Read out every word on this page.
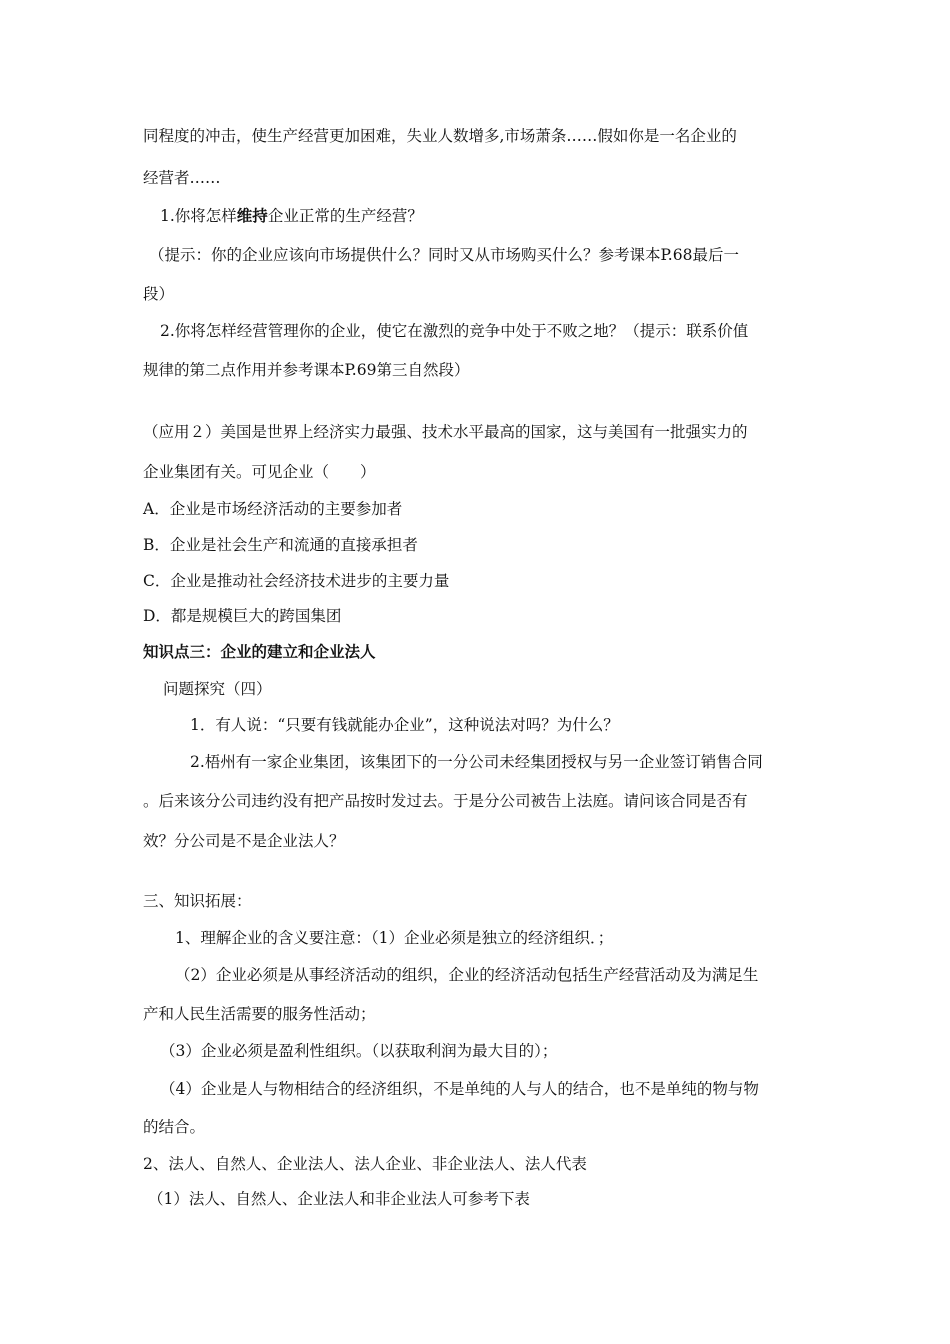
同程度的冲击，使生产经营更加困难，失业人数增多,市场萧条……假如你是一名企业的
经营者……
1.你将怎样维持企业正常的生产经营？
（提示：你的企业应该向市场提供什么？同时又从市场购买什么？参考课本P.68最后一
段）
2.你将怎样经营管理你的企业，使它在激烈的竞争中处于不败之地？（提示：联系价值
规律的第二点作用并参考课本P.69第三自然段）
（应用２）美国是世界上经济实力最强、技术水平最高的国家，这与美国有一批强实力的
企业集团有关。可见企业（　　）
A．企业是市场经济活动的主要参加者
B．企业是社会生产和流通的直接承担者
C．企业是推动社会经济技术进步的主要力量
D．都是规模巨大的跨国集团
知识点三：企业的建立和企业法人
问题探究（四）
1．有人说：“只要有钱就能办企业”，这种说法对吗？为什么？
2.梧州有一家企业集团，该集团下的一分公司未经集团授权与另一企业签订销售合同
。后来该分公司违约没有把产品按时发过去。于是分公司被告上法庭。请问该合同是否有
效？分公司是不是企业法人？
三、知识拓展：
1、理解企业的含义要注意：（1）企业必须是独立的经济组织．；
（2）企业必须是从事经济活动的组织，企业的经济活动包括生产经营活动及为满足生
产和人民生活需要的服务性活动；
（3）企业必须是盈利性组织。（以获取利润为最大目的）；
（4）企业是人与物相结合的经济组织，不是单纯的人与人的结合，也不是单纯的物与物
的结合。
2、法人、自然人、企业法人、法人企业、非企业法人、法人代表
（1）法人、自然人、企业法人和非企业法人可参考下表
